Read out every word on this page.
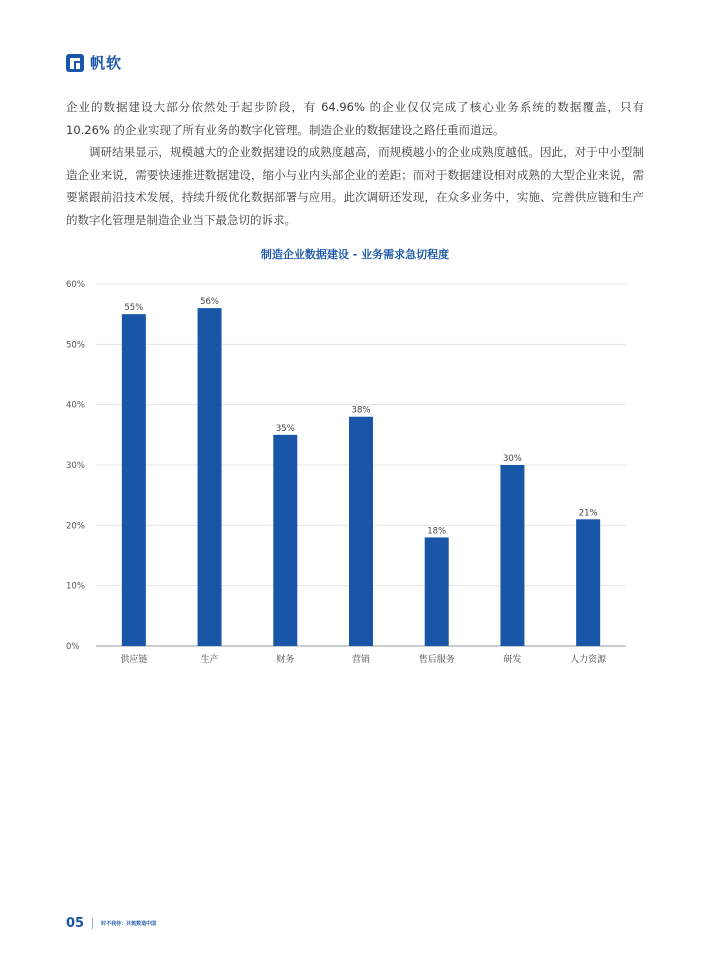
帆软

企业的数据建设大部分依然处于起步阶段，有 64.96% 的企业仅仅完成了核心业务系统的数据覆盖，只有 10.26% 的企业实现了所有业务的数字化管理。制造企业的数据建设之路任重而道远。

调研结果显示，规模越大的企业数据建设的成熟度越高，而规模越小的企业成熟度越低。因此，对于中小型制造企业来说，需要快速推进数据建设，缩小与业内头部企业的差距；而对于数据建设相对成熟的大型企业来说，需要紧跟前沿技术发展，持续升级优化数据部署与应用。此次调研还发现，在众多业务中，实施、完善供应链和生产的数字化管理是制造企业当下最急切的诉求。

制造企业数据建设 - 业务需求急切程度
0%
10%
20%
30%
40%
50%
60%
55%
供应链
56%
生产
35%
财务
38%
营销
18%
售后服务
30%
研发
21%
人力资源
05	时不我待：共筑数造中国
